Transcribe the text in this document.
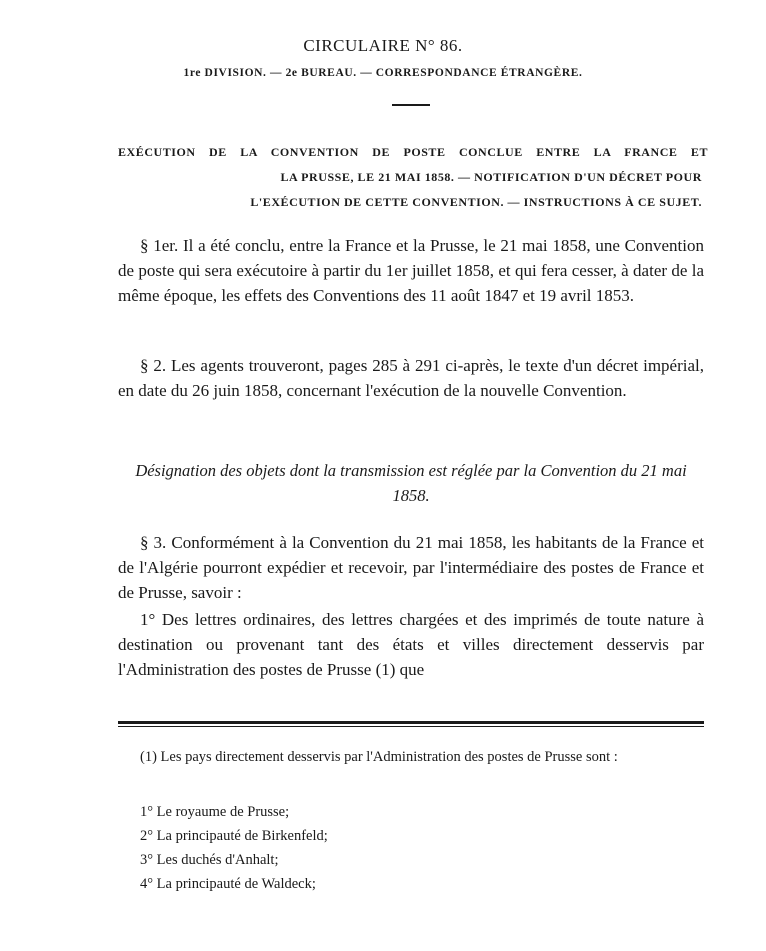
CIRCULAIRE N° 86.
1re DIVISION. — 2e BUREAU. — CORRESPONDANCE ÉTRANGÈRE.
EXÉCUTION DE LA CONVENTION DE POSTE CONCLUE ENTRE LA FRANCE ET
LA PRUSSE, LE 21 MAI 1858. — NOTIFICATION D'UN DÉCRET POUR
L'EXÉCUTION DE CETTE CONVENTION. — INSTRUCTIONS À CE SUJET.
§ 1er. Il a été conclu, entre la France et la Prusse, le 21 mai 1858, une Convention de poste qui sera exécutoire à partir du 1er juillet 1858, et qui fera cesser, à dater de la même époque, les effets des Conventions des 11 août 1847 et 19 avril 1853.
§ 2. Les agents trouveront, pages 285 à 291 ci-après, le texte d'un décret impérial, en date du 26 juin 1858, concernant l'exécution de la nouvelle Convention.
Désignation des objets dont la transmission est réglée par la Convention du 21 mai 1858.
§ 3. Conformément à la Convention du 21 mai 1858, les habitants de la France et de l'Algérie pourront expédier et recevoir, par l'intermédiaire des postes de France et de Prusse, savoir :
1° Des lettres ordinaires, des lettres chargées et des imprimés de toute nature à destination ou provenant tant des états et villes directement desservis par l'Administration des postes de Prusse (1) que
(1) Les pays directement desservis par l'Administration des postes de Prusse sont :
1° Le royaume de Prusse;
2° La principauté de Birkenfeld;
3° Les duchés d'Anhalt;
4° La principauté de Waldeck;
